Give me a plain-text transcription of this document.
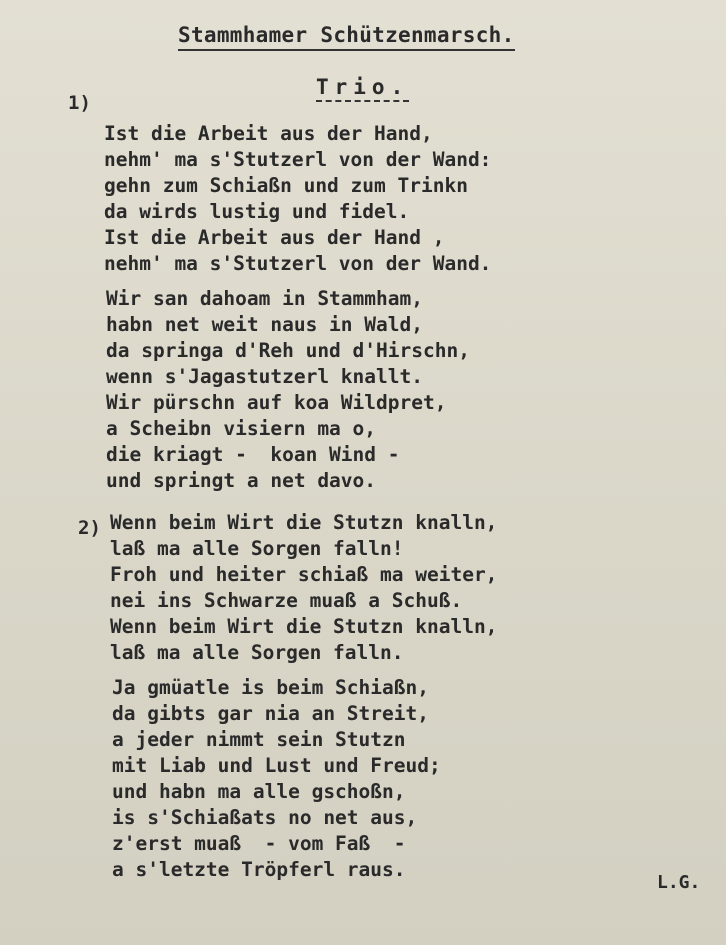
Stammhamer Schützenmarsch.
Trio.
1)
Ist die Arbeit aus der Hand,
nehm' ma s'Stutzerl von der Wand:
gehn zum Schiaßn und zum Trinkn
da wirds lustig und fidel.
Ist die Arbeit aus der Hand ,
nehm' ma s'Stutzerl von der Wand.
Wir san dahoam in Stammham,
habn net weit naus in Wald,
da springa d'Reh und d'Hirschn,
wenn s'Jagastutzerl knallt.
Wir pürschn auf koa Wildpret,
a Scheibn visiern ma o,
die kriagt -  koan Wind -
und springt a net davo.
2) Wenn beim Wirt die Stutzn knalln,
laß ma alle Sorgen falln!
Froh und heiter schiaß ma weiter,
nei ins Schwarze muaß a Schuß.
Wenn beim Wirt die Stutzn knalln,
laß ma alle Sorgen falln.
Ja gmüatle is beim Schiaßn,
da gibts gar nia an Streit,
a jeder nimmt sein Stutzn
mit Liab und Lust und Freud;
und habn ma alle gschoßn,
is s'Schiaßats no net aus,
z'erst muaß  - vom Faß  -
a s'letzte Tröpferl raus.
L.G.
